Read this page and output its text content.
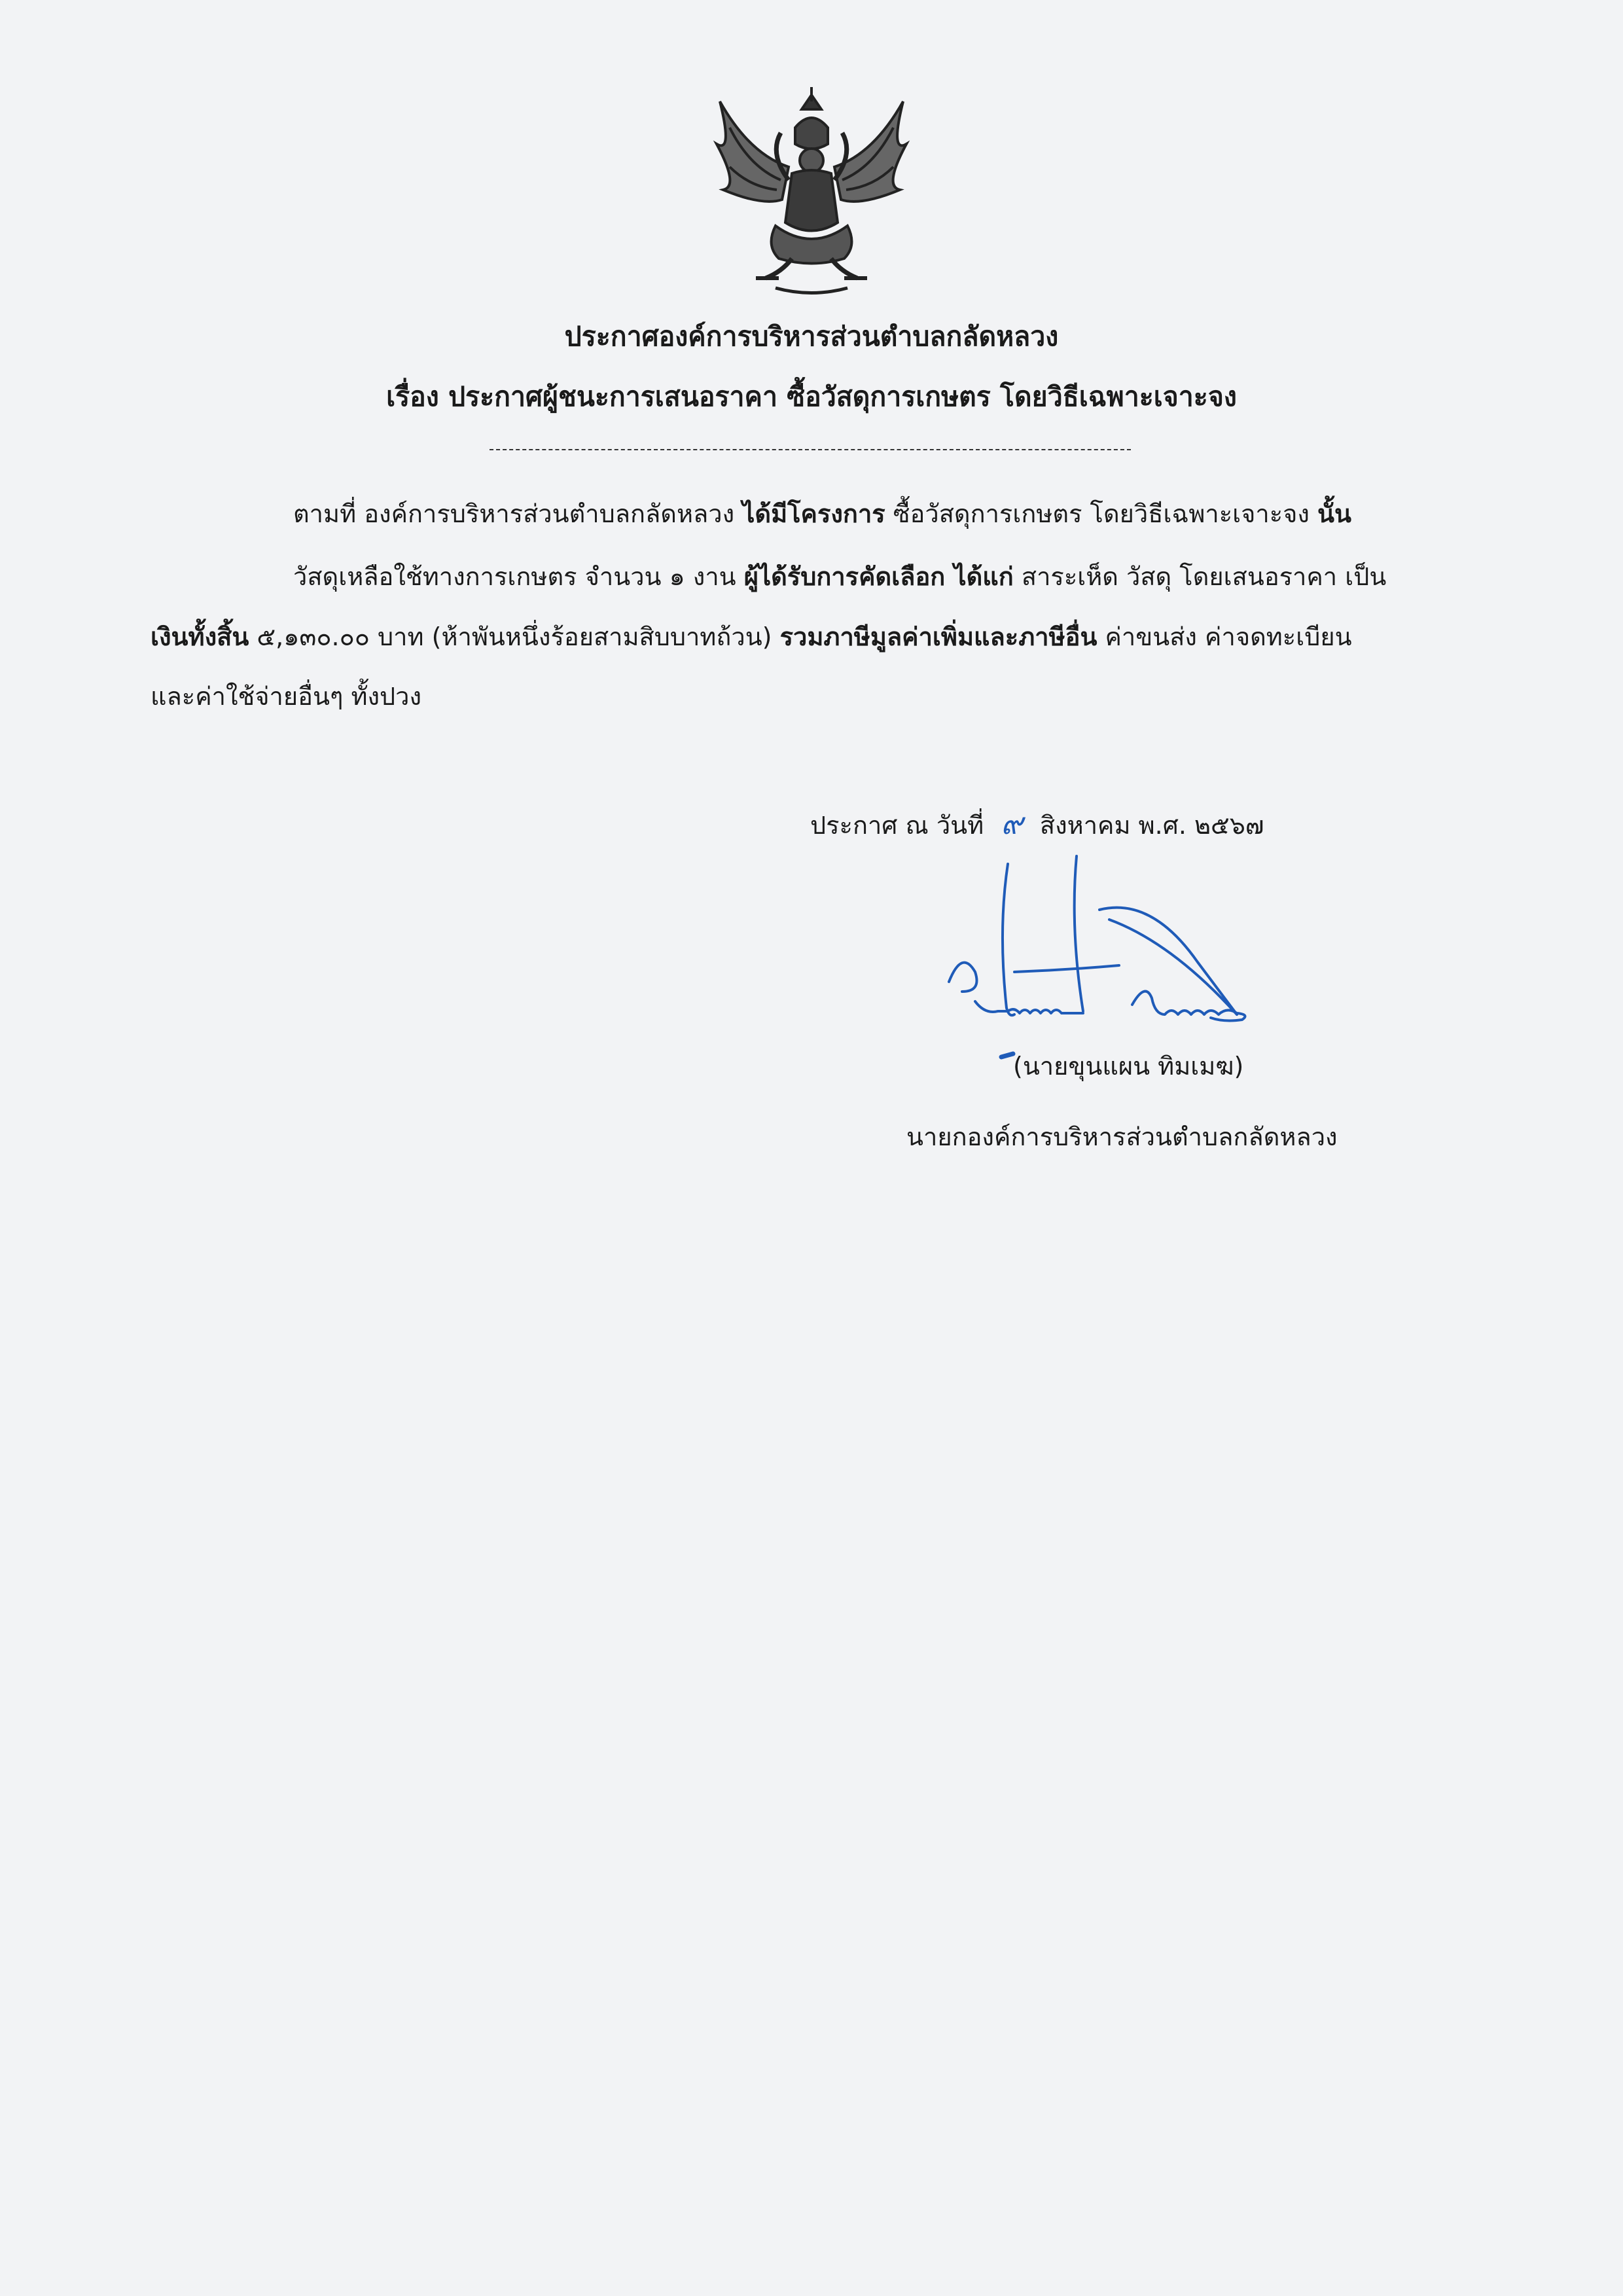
ประกาศองค์การบริหารส่วนตำบลกลัดหลวง
เรื่อง ประกาศผู้ชนะการเสนอราคา ซื้อวัสดุการเกษตร โดยวิธีเฉพาะเจาะจง
ตามที่ องค์การบริหารส่วนตำบลกลัดหลวง ได้มีโครงการ ซื้อวัสดุการเกษตร โดยวิธีเฉพาะเจาะจง นั้น
วัสดุเหลือใช้ทางการเกษตร จำนวน ๑ งาน ผู้ได้รับการคัดเลือก ได้แก่ สาระเห็ด วัสดุ โดยเสนอราคา เป็น
เงินทั้งสิ้น ๕,๑๓๐.๐๐ บาท (ห้าพันหนึ่งร้อยสามสิบบาทถ้วน) รวมภาษีมูลค่าเพิ่มและภาษีอื่น ค่าขนส่ง ค่าจดทะเบียน
และค่าใช้จ่ายอื่นๆ ทั้งปวง
ประกาศ ณ วันที่ ๙ สิงหาคม พ.ศ. ๒๕๖๗
(นายขุนแผน ทิมเมฆ)
นายกองค์การบริหารส่วนตำบลกลัดหลวง
